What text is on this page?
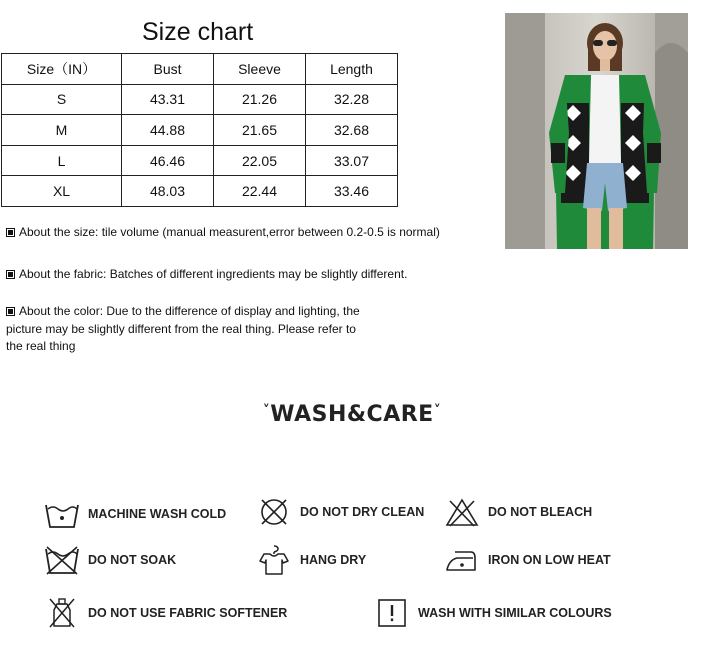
Size chart
Size（IN）	Bust	Sleeve	Length
S	43.31	21.26	32.28
M	44.88	21.65	32.68
L	46.46	22.05	33.07
XL	48.03	22.44	33.46
About the size: tile volume (manual measurent,error between 0.2-0.5 is normal)
About the fabric: Batches of different ingredients may be slightly different.
About the color: Due to the difference of display and lighting, the
picture may be slightly different from the real thing. Please refer to
the real thing
˅WASH&CARE˅
MACHINE WASH COLD	DO NOT DRY CLEAN	DO NOT BLEACH
DO NOT SOAK	HANG DRY	IRON ON LOW HEAT
DO NOT USE FABRIC SOFTENER	WASH WITH SIMILAR COLOURS
